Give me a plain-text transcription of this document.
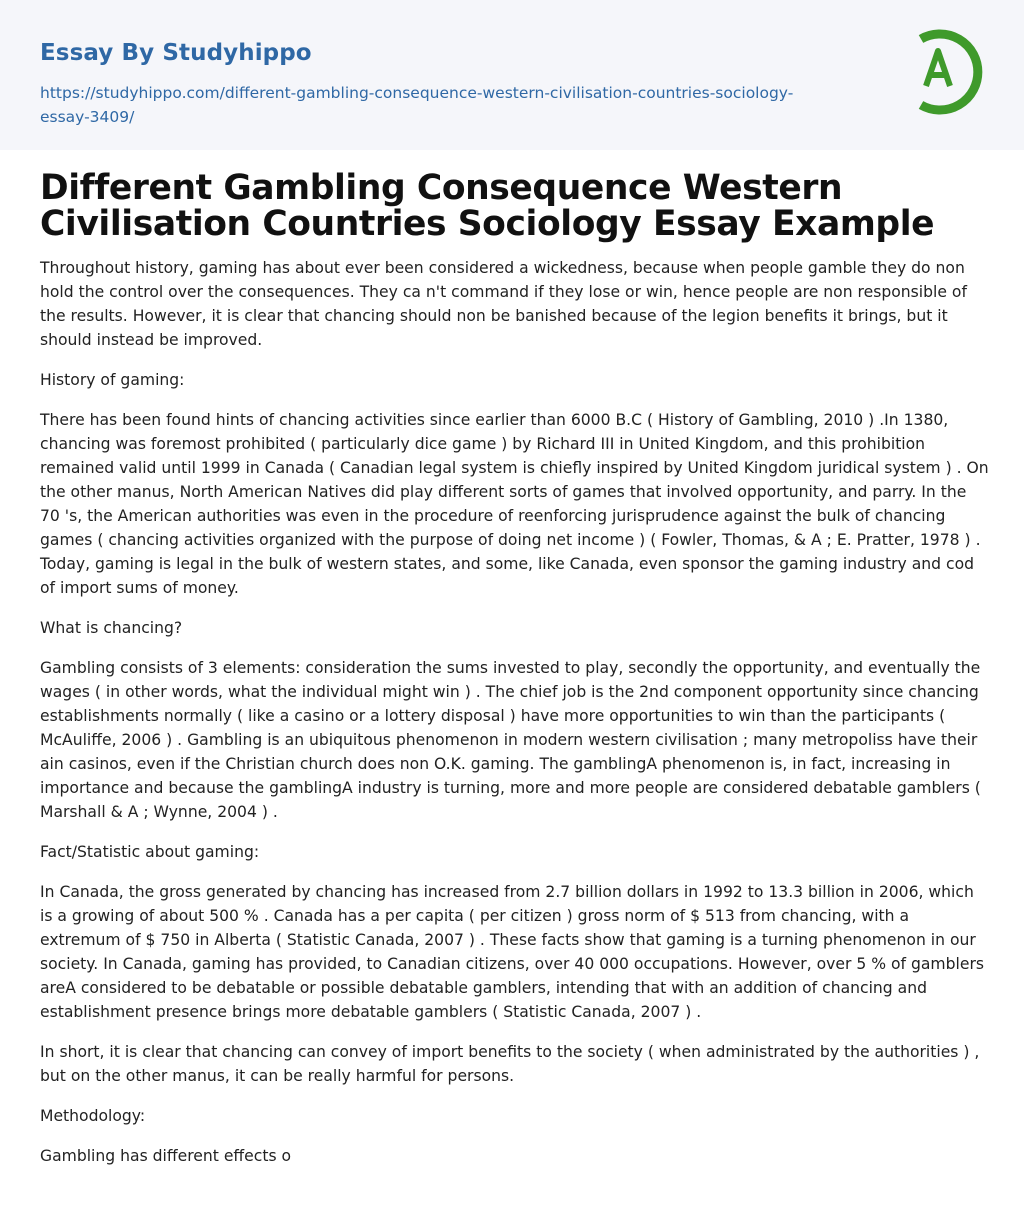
Essay By Studyhippo
https://studyhippo.com/different-gambling-consequence-western-civilisation-countries-sociology-essay-3409/
A
Different Gambling Consequence Western Civilisation Countries Sociology Essay Example

Throughout history, gaming has about ever been considered a wickedness, because when people gamble they do non hold the control over the consequences. They ca n't command if they lose or win, hence people are non responsible of the results. However, it is clear that chancing should non be banished because of the legion benefits it brings, but it should instead be improved.

History of gaming:

There has been found hints of chancing activities since earlier than 6000 B.C ( History of Gambling, 2010 ) .In 1380, chancing was foremost prohibited ( particularly dice game ) by Richard III in United Kingdom, and this prohibition remained valid until 1999 in Canada ( Canadian legal system is chiefly inspired by United Kingdom juridical system ) . On the other manus, North American Natives did play different sorts of games that involved opportunity, and parry. In the 70 's, the American authorities was even in the procedure of reenforcing jurisprudence against the bulk of chancing games ( chancing activities organized with the purpose of doing net income ) ( Fowler, Thomas, & A ; E. Pratter, 1978 ) . Today, gaming is legal in the bulk of western states, and some, like Canada, even sponsor the gaming industry and cod of import sums of money.

What is chancing?

Gambling consists of 3 elements: consideration the sums invested to play, secondly the opportunity, and eventually the wages ( in other words, what the individual might win ) . The chief job is the 2nd component opportunity since chancing establishments normally ( like a casino or a lottery disposal ) have more opportunities to win than the participants ( McAuliffe, 2006 ) . Gambling is an ubiquitous phenomenon in modern western civilisation ; many metropoliss have their ain casinos, even if the Christian church does non O.K. gaming. The gamblingA phenomenon is, in fact, increasing in importance and because the gamblingA industry is turning, more and more people are considered debatable gamblers ( Marshall & A ; Wynne, 2004 ) .

Fact/Statistic about gaming:

In Canada, the gross generated by chancing has increased from 2.7 billion dollars in 1992 to 13.3 billion in 2006, which is a growing of about 500 % . Canada has a per capita ( per citizen ) gross norm of $ 513 from chancing, with a extremum of $ 750 in Alberta ( Statistic Canada, 2007 ) . These facts show that gaming is a turning phenomenon in our society. In Canada, gaming has provided, to Canadian citizens, over 40 000 occupations. However, over 5 % of gamblers areA considered to be debatable or possible debatable gamblers, intending that with an addition of chancing and establishment presence brings more debatable gamblers ( Statistic Canada, 2007 ) .

In short, it is clear that chancing can convey of import benefits to the society ( when administrated by the authorities ) , but on the other manus, it can be really harmful for persons.

Methodology:

Gambling has different effects o
